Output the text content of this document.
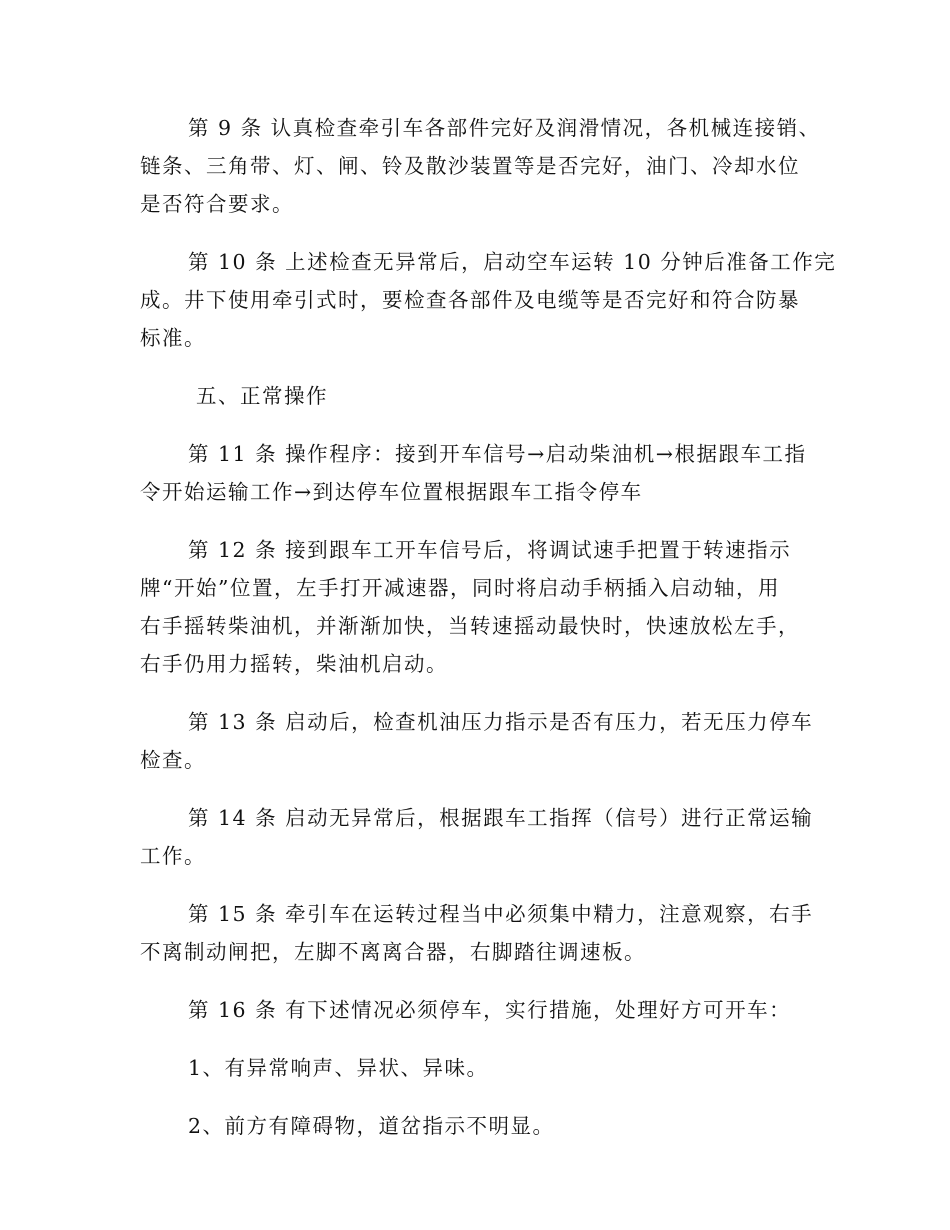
第 9 条 认真检查牵引车各部件完好及润滑情况，各机械连接销、
链条、三角带、灯、闸、铃及散沙装置等是否完好，油门、冷却水位
是否符合要求。
第 10 条 上述检查无异常后，启动空车运转 10 分钟后准备工作完
成。井下使用牵引式时，要检查各部件及电缆等是否完好和符合防暴
标准。
五、正常操作
第 11 条 操作程序：接到开车信号→启动柴油机→根据跟车工指
令开始运输工作→到达停车位置根据跟车工指令停车
第 12 条 接到跟车工开车信号后，将调试速手把置于转速指示
牌“开始”位置，左手打开减速器，同时将启动手柄插入启动轴，用
右手摇转柴油机，并渐渐加快，当转速摇动最快时，快速放松左手，
右手仍用力摇转，柴油机启动。
第 13 条 启动后，检查机油压力指示是否有压力，若无压力停车
检查。
第 14 条 启动无异常后，根据跟车工指挥（信号）进行正常运输
工作。
第 15 条 牵引车在运转过程当中必须集中精力，注意观察，右手
不离制动闸把，左脚不离离合器，右脚踏往调速板。
第 16 条 有下述情况必须停车，实行措施，处理好方可开车：
1、有异常响声、异状、异味。
2、前方有障碍物，道岔指示不明显。
